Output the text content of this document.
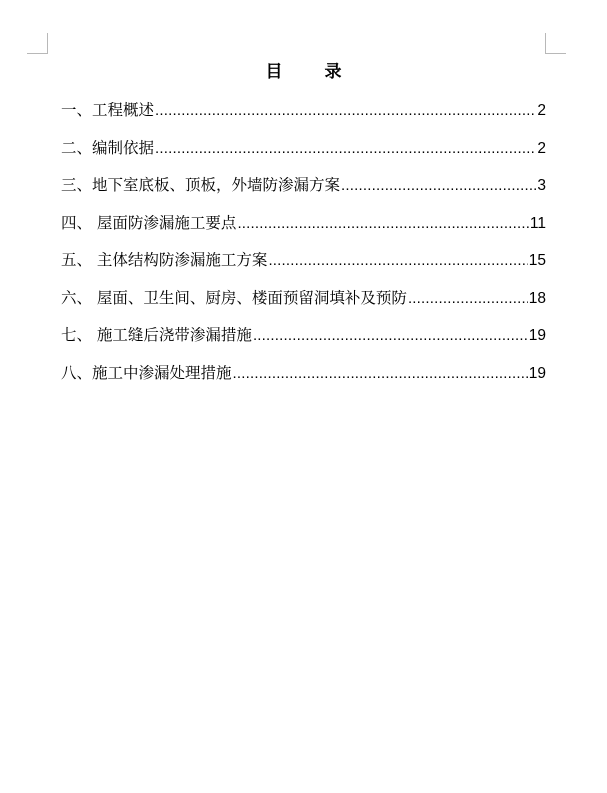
目 录
一、工程概述 .....	2
二、编制依据 .....	2
三、地下室底板、顶板，外墙防渗漏方案 .....	3
四、 屋面防渗漏施工要点 .....	11
五、 主体结构防渗漏施工方案 .....	15
六、 屋面、卫生间、厨房、楼面预留洞填补及预防 .....	18
七、 施工缝后浇带渗漏措施 .....	19
八、施工中渗漏处理措施 .....	19
